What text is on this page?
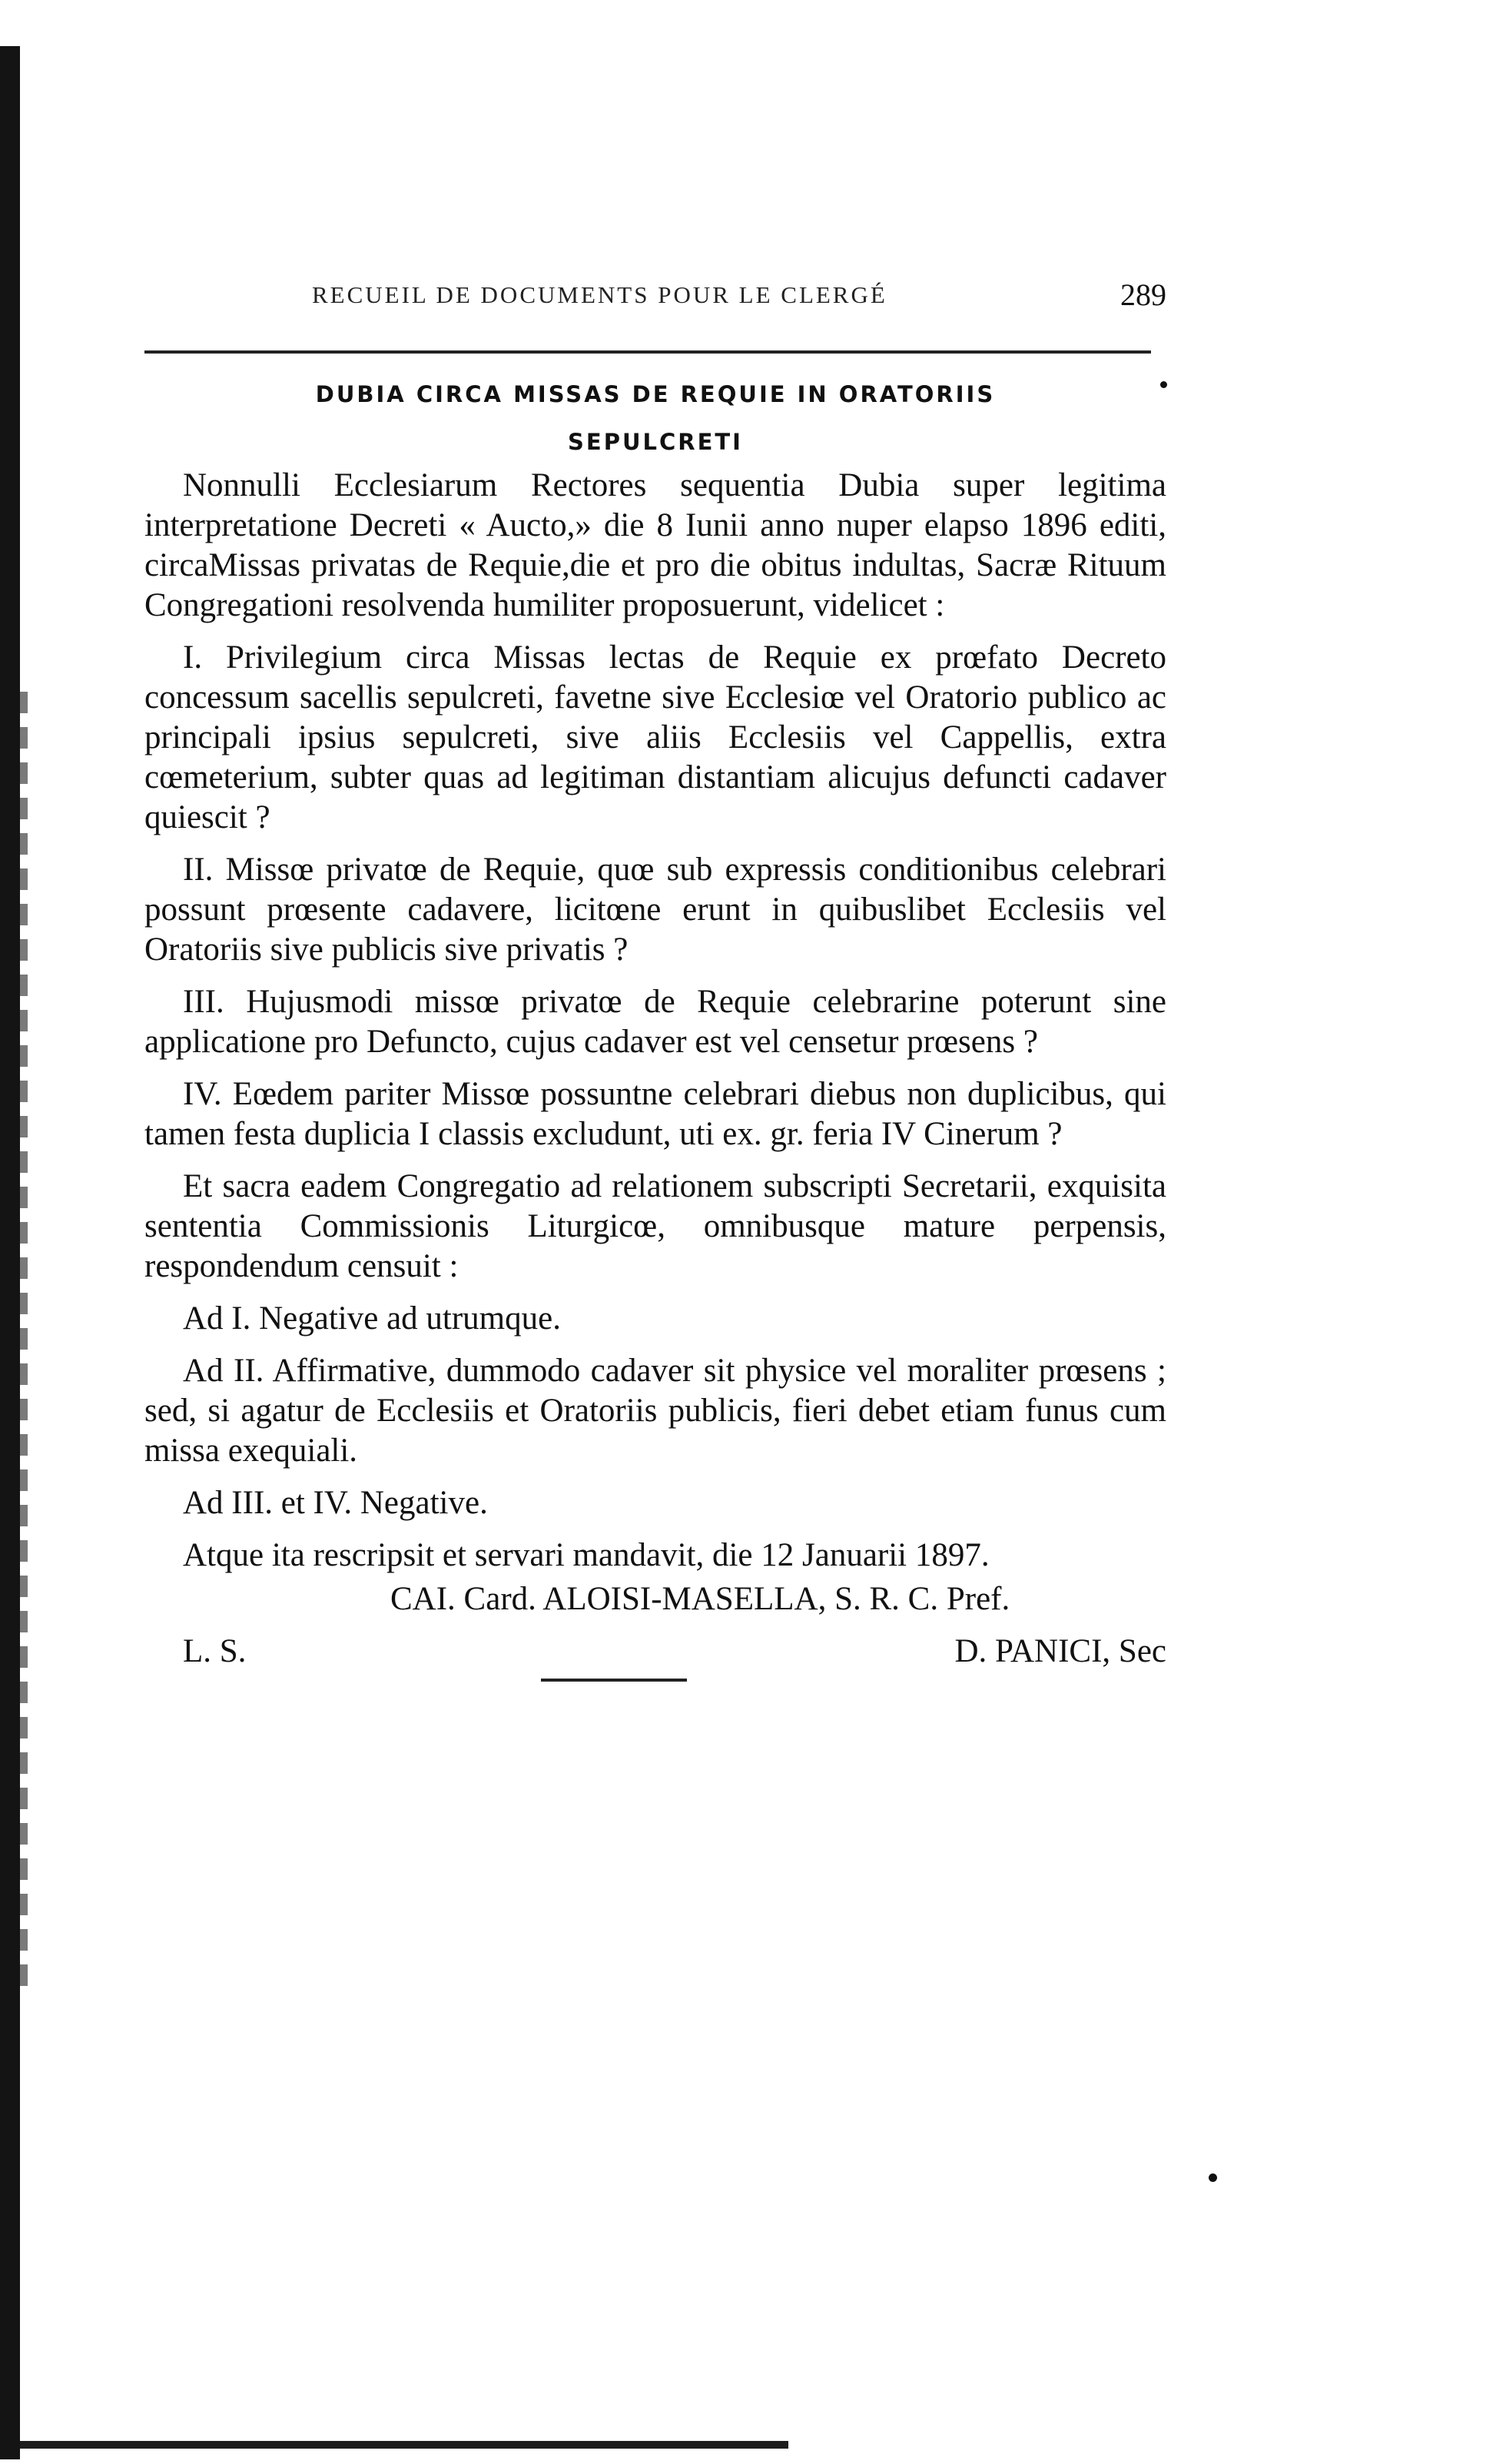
RECUEIL DE DOCUMENTS POUR LE CLERGÉ	289
DUBIA CIRCA MISSAS DE REQUIE IN ORATORIIS
SEPULCRETI

Nonnulli Ecclesiarum Rectores sequentia Dubia super legitima interpretatione Decreti « Aucto,» die 8 Iunii anno nuper elapso 1896 editi, circaMissas privatas de Requie,die et pro die obitus indultas, Sacræ Rituum Congregationi resolvenda humiliter proposuerunt, videlicet :

I. Privilegium circa Missas lectas de Requie ex prœfato Decreto concessum sacellis sepulcreti, favetne sive Ecclesiœ vel Oratorio publico ac principali ipsius sepulcreti, sive aliis Ecclesiis vel Cappellis, extra cœmeterium, subter quas ad legitiman distantiam alicujus defuncti cadaver quiescit ?

II. Missœ privatœ de Requie, quœ sub expressis conditionibus celebrari possunt prœsente cadavere, licitœne erunt in quibuslibet Ecclesiis vel Oratoriis sive publicis sive privatis ?

III. Hujusmodi missœ privatœ de Requie celebrarine poterunt sine applicatione pro Defuncto, cujus cadaver est vel censetur prœsens ?

IV. Eœdem pariter Missœ possuntne celebrari diebus non duplicibus, qui tamen festa duplicia I classis excludunt, uti ex. gr. feria IV Cinerum ?

Et sacra eadem Congregatio ad relationem subscripti Secretarii, exquisita sententia Commissionis Liturgicœ, omnibusque mature perpensis, respondendum censuit :

Ad I. Negative ad utrumque.

Ad II. Affirmative, dummodo cadaver sit physice vel moraliter prœsens ; sed, si agatur de Ecclesiis et Oratoriis publicis, fieri debet etiam funus cum missa exequiali.

Ad III. et IV. Negative.

Atque ita rescripsit et servari mandavit, die 12 Januarii 1897.

CAI. Card. ALOISI-MASELLA, S. R. C. Pref.
L. S.	D. PANICI, Sec
